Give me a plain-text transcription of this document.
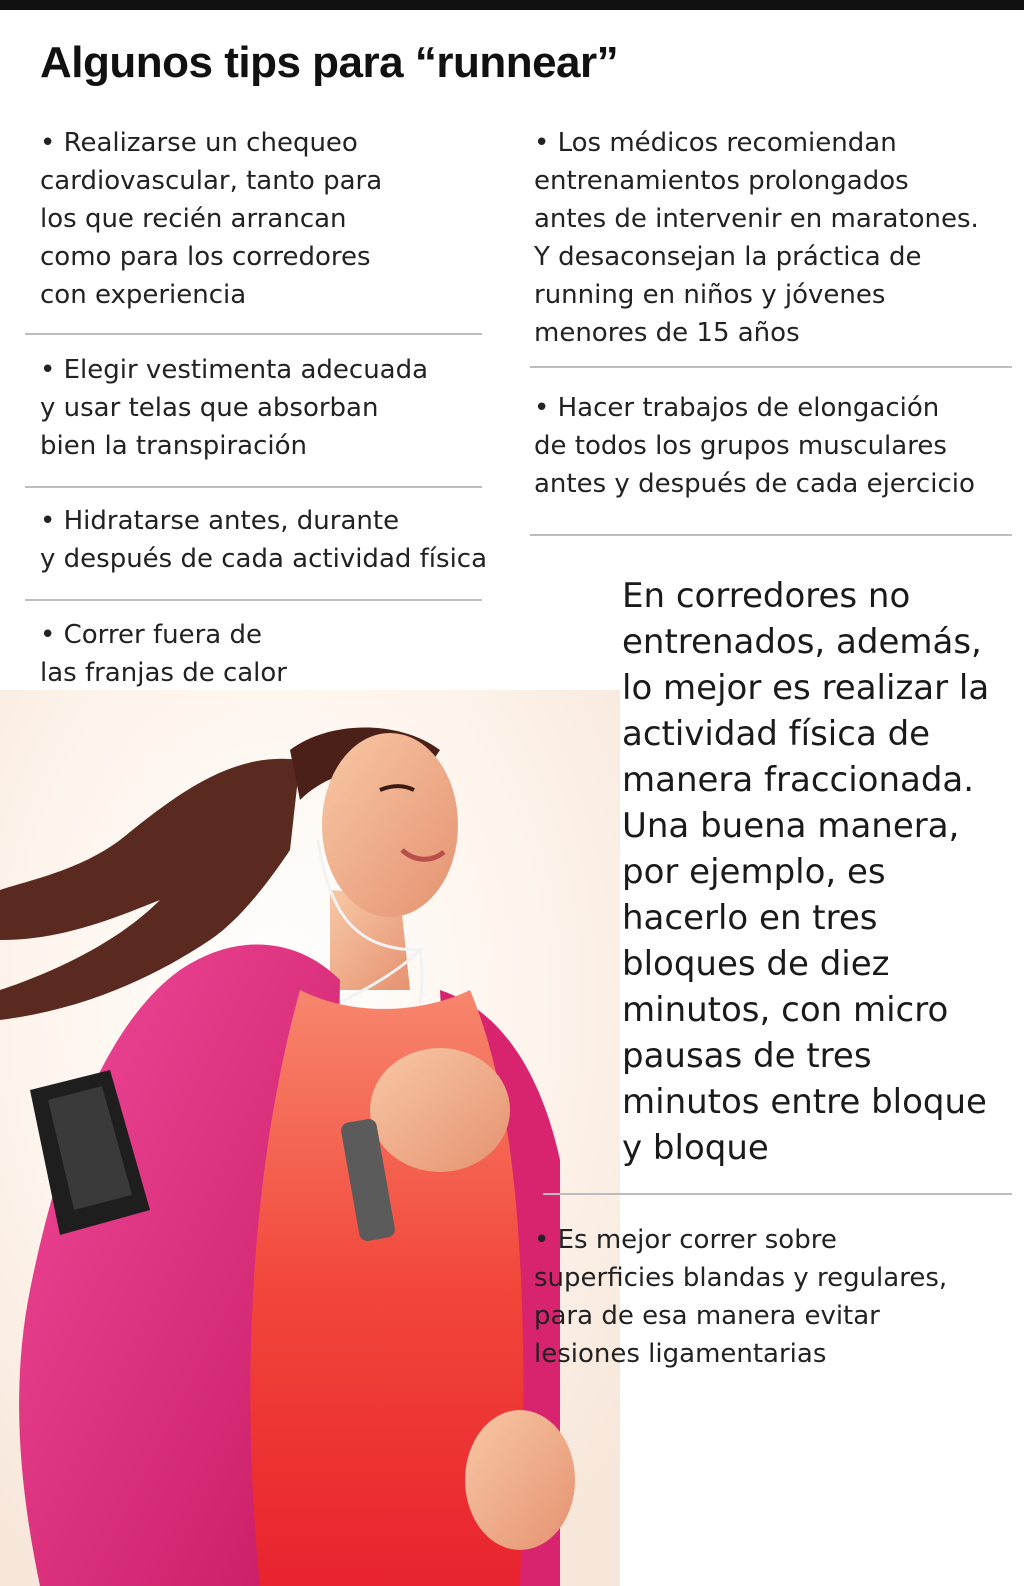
Algunos tips para “runnear”

• Realizarse un chequeo
cardiovascular, tanto para
los que recién arrancan
como para los corredores
con experiencia

• Elegir vestimenta adecuada
y usar telas que absorban
bien la transpiración

• Hidratarse antes, durante
y después de cada actividad física

• Correr fuera de
las franjas de calor

• Los médicos recomiendan
entrenamientos prolongados
antes de intervenir en maratones.
Y desaconsejan la práctica de
running en niños y jóvenes
menores de 15 años

• Hacer trabajos de elongación
de todos los grupos musculares
antes y después de cada ejercicio

En corredores no
entrenados, además,
lo mejor es realizar la
actividad física de
manera fraccionada.
Una buena manera,
por ejemplo, es
hacerlo en tres
bloques de diez
minutos, con micro
pausas de tres
minutos entre bloque
y bloque

• Es mejor correr sobre
superficies blandas y regulares,
para de esa manera evitar
lesiones ligamentarias
